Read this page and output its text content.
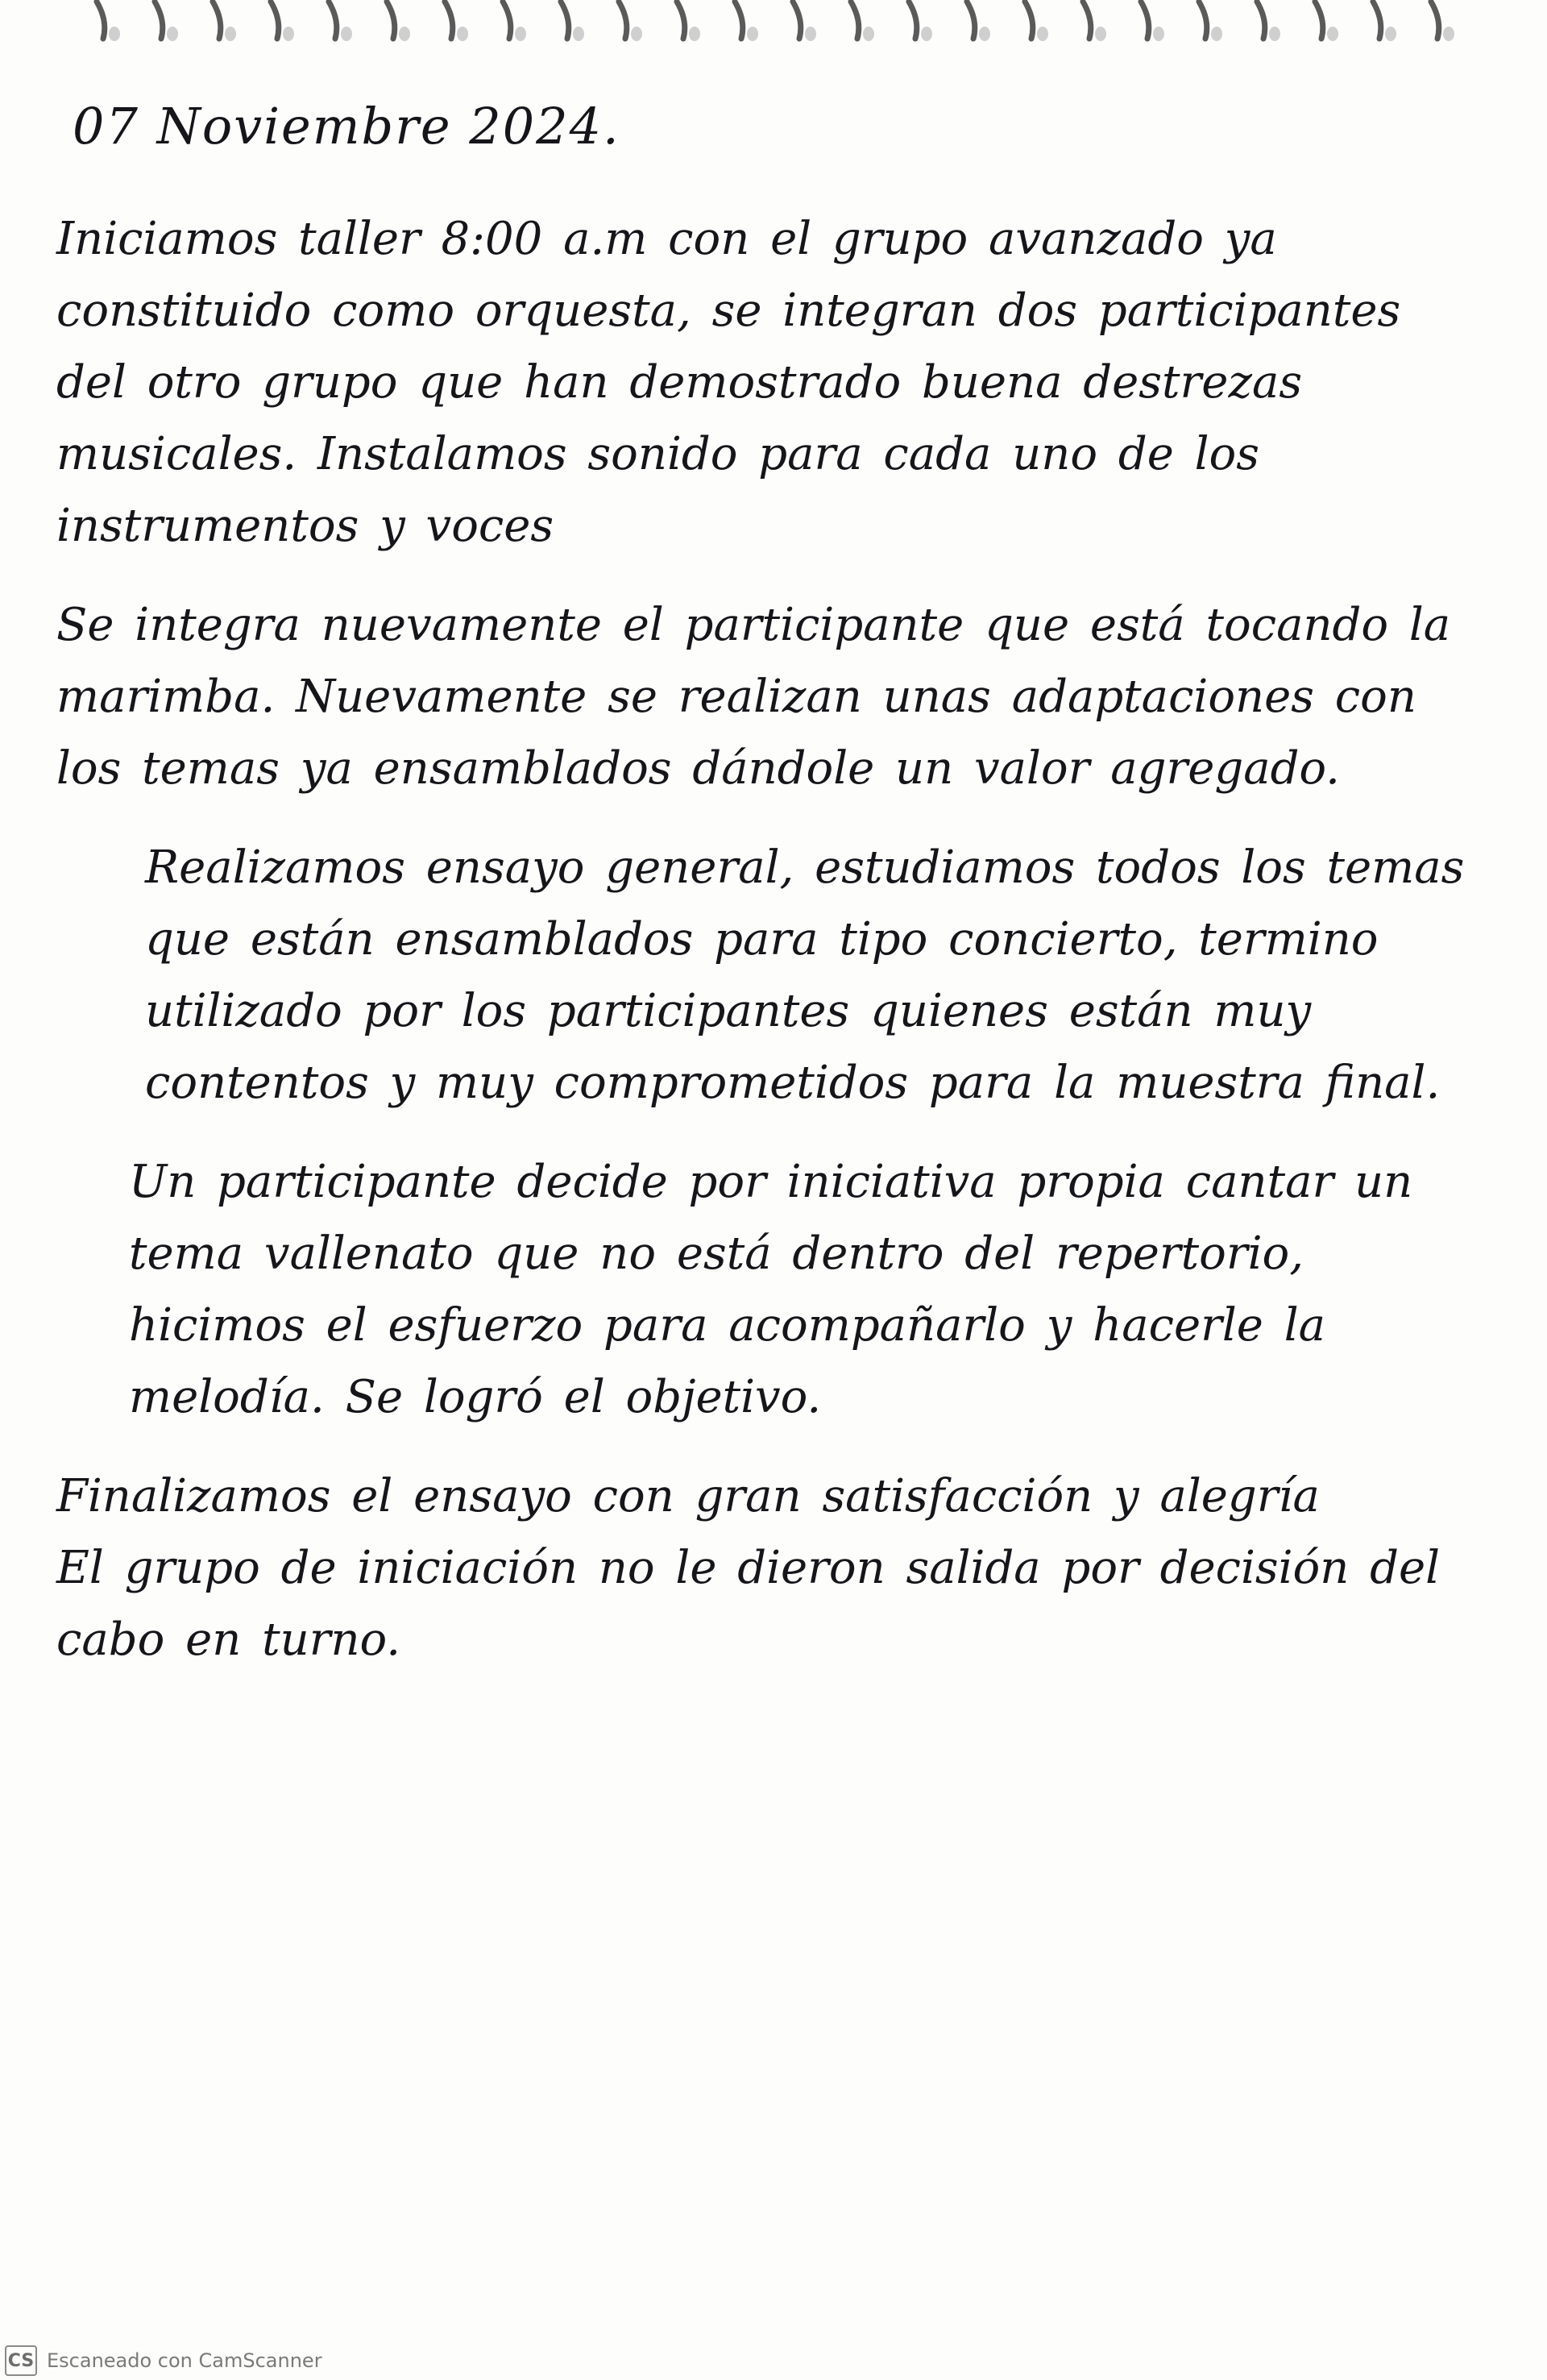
07 Noviembre 2024.

Iniciamos taller 8:00 a.m con el grupo avanzado ya constituido como orquesta, se integran dos participantes del otro grupo que han demostrado buena destrezas musicales. Instalamos sonido para cada uno de los instrumentos y voces

Se integra nuevamente el participante que está tocando la marimba. Nuevamente se realizan unas adaptaciones con los temas ya ensamblados dándole un valor agregado.

Realizamos ensayo general, estudiamos todos los temas que están ensamblados para tipo concierto, termino utilizado por los participantes quienes están muy contentos y muy comprometidos para la muestra final.

Un participante decide por iniciativa propia cantar un tema vallenato que no está dentro del repertorio, hicimos el esfuerzo para acompañarlo y hacerle la melodía. Se logró el objetivo.

Finalizamos el ensayo con gran satisfacción y alegría

El grupo de iniciación no le dieron salida por decisión del cabo en turno.

CS Escaneado con CamScanner
